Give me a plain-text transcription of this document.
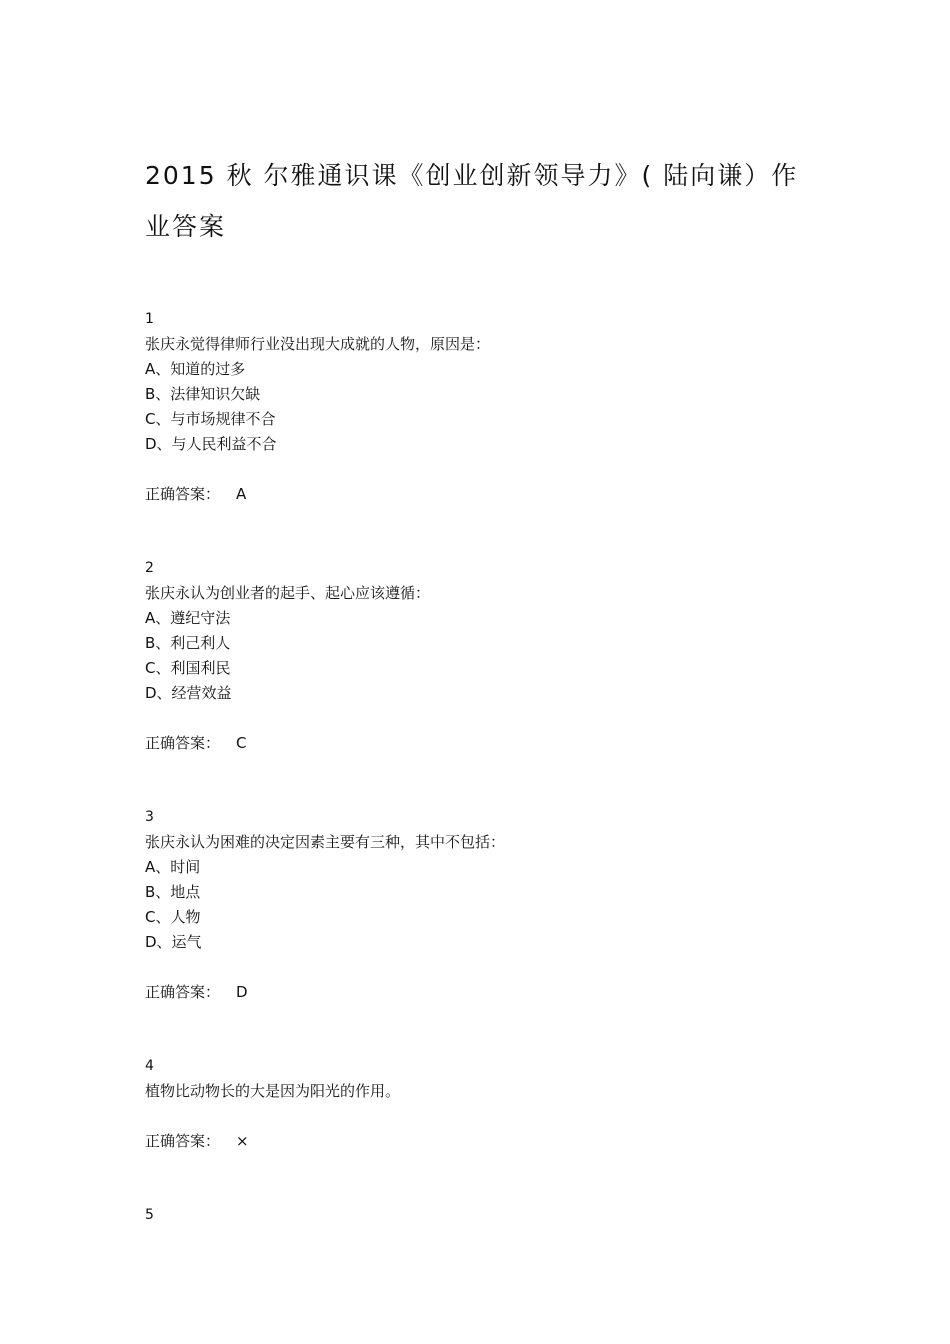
2015 秋 尔雅通识课《创业创新领导力》( 陆向谦）作业答案
1
张庆永觉得律师行业没出现大成就的人物，原因是：
A、知道的过多
B、法律知识欠缺
C、与市场规律不合
D、与人民利益不合
正确答案： A
2
张庆永认为创业者的起手、起心应该遵循：
A、遵纪守法
B、利己利人
C、利国利民
D、经营效益
正确答案： C
3
张庆永认为困难的决定因素主要有三种，其中不包括：
A、时间
B、地点
C、人物
D、运气
正确答案： D
4
植物比动物长的大是因为阳光的作用。
正确答案： ×
5
